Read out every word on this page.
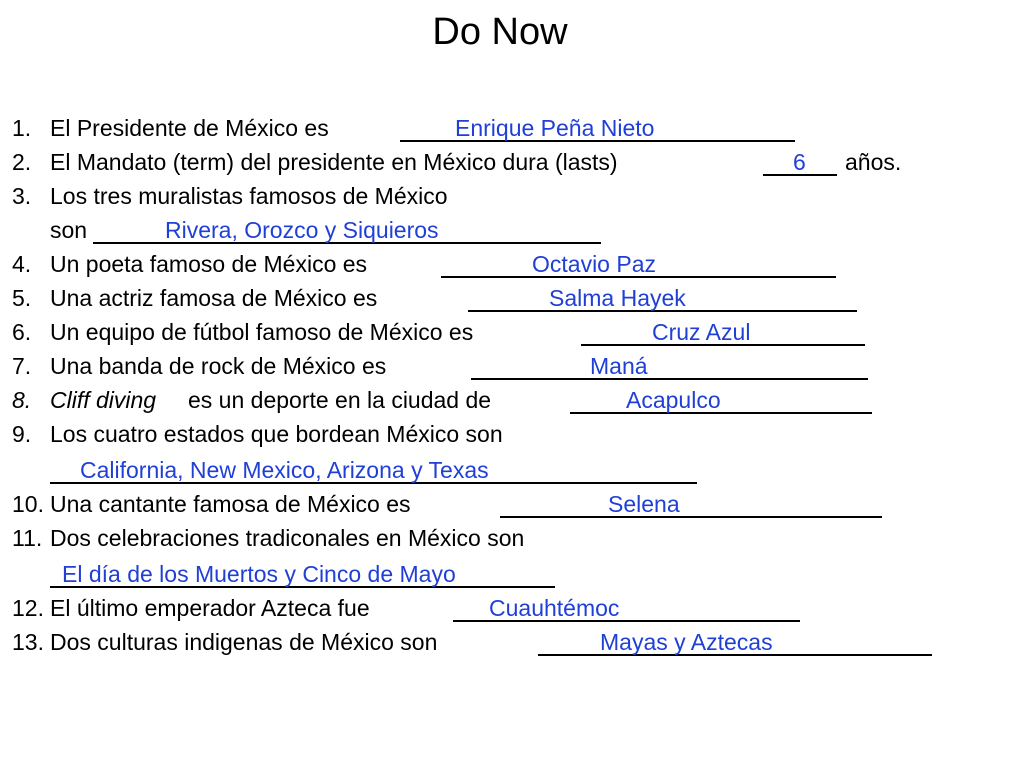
Do Now
1. El Presidente de México es	Enrique Peña Nieto
2. El Mandato (term) del presidente en México dura (lasts)	6 años.
3. Los tres muralistas famosos de México
son	Rivera, Orozco y Siquieros
4. Un poeta famoso de México es	Octavio Paz
5. Una actriz famosa de México es	Salma Hayek
6. Un equipo de fútbol famoso de México es	Cruz Azul
7. Una banda de rock de México es	Maná
8. Cliff diving es un deporte en la ciudad de	Acapulco
9. Los cuatro estados que bordean México son
California, New Mexico, Arizona y Texas
10. Una cantante famosa de México es	Selena
11. Dos celebraciones tradiconales en México son
El día de los Muertos y Cinco de Mayo
12. El último emperador Azteca fue	Cuauhtémoc
13. Dos culturas indigenas de México son	Mayas y Aztecas
